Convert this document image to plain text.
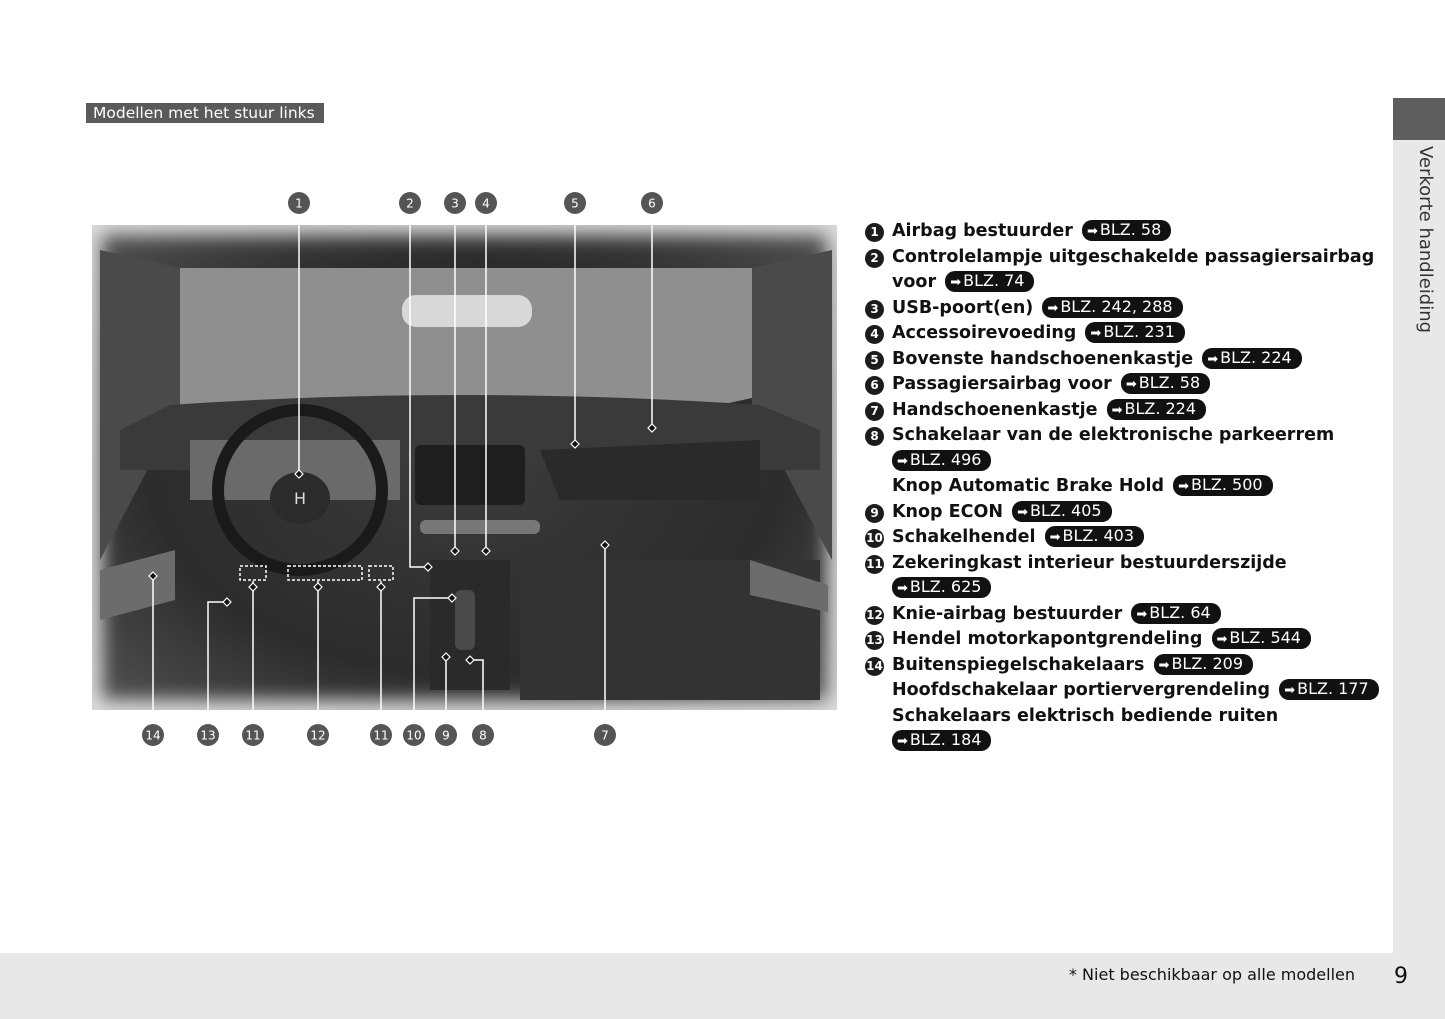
Verkorte handleiding
Modellen met het stuur links
H
1	2	3 4	5	6
14	13 11	12	11 10 9 8	7
1 Airbag bestuurder ➡ BLZ. 58
2 Controlelampje uitgeschakelde passagiersairbag
voor ➡ BLZ. 74
3 USB-poort(en) ➡ BLZ. 242, 288
4 Accessoirevoeding ➡ BLZ. 231
5 Bovenste handschoenenkastje ➡ BLZ. 224
6 Passagiersairbag voor ➡ BLZ. 58
7 Handschoenenkastje ➡ BLZ. 224
8 Schakelaar van de elektronische parkeerrem
➡ BLZ. 496
Knop Automatic Brake Hold ➡ BLZ. 500
9 Knop ECON ➡ BLZ. 405
10 Schakelhendel ➡ BLZ. 403
11 Zekeringkast interieur bestuurderszijde
➡ BLZ. 625
12 Knie-airbag bestuurder ➡ BLZ. 64
13 Hendel motorkapontgrendeling ➡ BLZ. 544
14 Buitenspiegelschakelaars ➡ BLZ. 209
Hoofdschakelaar portiervergrendeling ➡ BLZ. 177
Schakelaars elektrisch bediende ruiten
➡ BLZ. 184
* Niet beschikbaar op alle modellen	9
